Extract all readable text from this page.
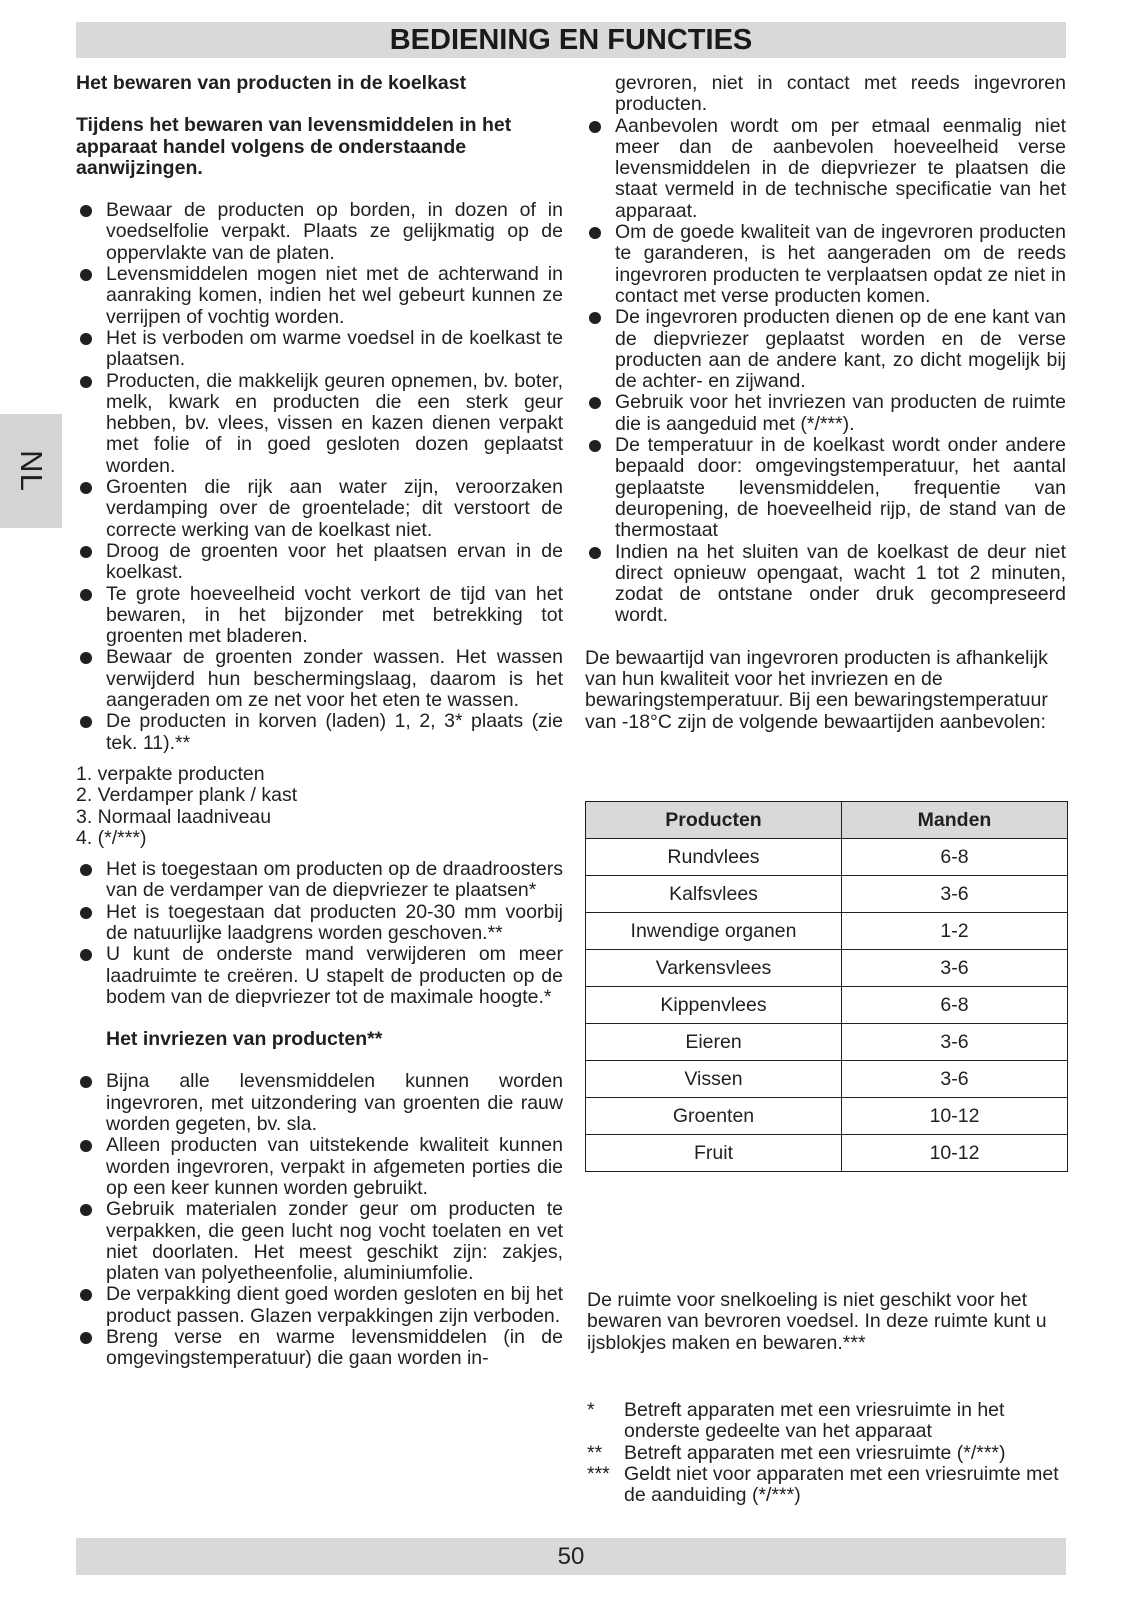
BEDIENING EN FUNCTIES
NL
Het bewaren van producten in de koelkast
Tijdens het bewaren van levensmiddelen in het apparaat handel volgens de onderstaande aanwijzingen.
Bewaar de producten op borden, in dozen of in voedselfolie verpakt. Plaats ze gelijkmatig op de oppervlakte van de platen.
Levensmiddelen mogen niet met de achterwand in aanraking komen, indien het wel gebeurt kunnen ze verrijpen of vochtig worden.
Het is verboden om warme voedsel in de koelkast te plaatsen.
Producten, die makkelijk geuren opnemen, bv. boter, melk, kwark en producten die een sterk geur hebben, bv. vlees, vissen en kazen dienen verpakt met folie of in goed gesloten dozen geplaatst worden.
Groenten die rijk aan water zijn, veroorzaken verdamping over de groentelade; dit verstoort de correcte werking van de koelkast niet.
Droog de groenten voor het plaatsen ervan in de koelkast.
Te grote hoeveelheid vocht verkort de tijd van het bewaren, in het bijzonder met betrekking tot groenten met bladeren.
Bewaar de groenten zonder wassen. Het wassen verwijderd hun beschermingslaag, daarom is het aangeraden om ze net voor het eten te wassen.
De producten in korven (laden) 1, 2, 3* plaats (zie tek. 11).**
1. verpakte producten
2. Verdamper plank / kast
3. Normaal laadniveau
4. (*/***)
Het is toegestaan om producten op de draadroosters van de verdamper van de diepvriezer te plaatsen*
Het is toegestaan dat producten 20-30 mm voorbij de natuurlijke laadgrens worden geschoven.**
U kunt de onderste mand verwijderen om meer laadruimte te creëren. U stapelt de producten op de bodem van de diepvriezer tot de maximale hoogte.*
Het invriezen van producten**
Bijna alle levensmiddelen kunnen worden ingevroren, met uitzondering van groenten die rauw worden gegeten, bv. sla.
Alleen producten van uitstekende kwaliteit kunnen worden ingevroren, verpakt in afgemeten porties die op een keer kunnen worden gebruikt.
Gebruik materialen zonder geur om producten te verpakken, die geen lucht nog vocht toelaten en vet niet doorlaten. Het meest geschikt zijn: zakjes, platen van polyetheenfolie, aluminiumfolie.
De verpakking dient goed worden gesloten en bij het product passen. Glazen verpakkingen zijn verboden.
Breng verse en warme levensmiddelen (in de omgevingstemperatuur) die gaan worden in-
gevroren, niet in contact met reeds ingevroren producten.
Aanbevolen wordt om per etmaal eenmalig niet meer dan de aanbevolen hoeveelheid verse levensmiddelen in de diepvriezer te plaatsen die staat vermeld in de technische specificatie van het apparaat.
Om de goede kwaliteit van de ingevroren producten te garanderen, is het aangeraden om de reeds ingevroren producten te verplaatsen opdat ze niet in contact met verse producten komen.
De ingevroren producten dienen op de ene kant van de diepvriezer geplaatst worden en de verse producten aan de andere kant, zo dicht mogelijk bij de achter- en zijwand.
Gebruik voor het invriezen van producten de ruimte die is aangeduid met (*/***).
De temperatuur in de koelkast wordt onder andere bepaald door: omgevingstemperatuur, het aantal geplaatste levensmiddelen, frequentie van deuropening, de hoeveelheid rijp, de stand van de thermostaat
Indien na het sluiten van de koelkast de deur niet direct opnieuw opengaat, wacht 1 tot 2 minuten, zodat de ontstane onder druk gecompreseerd wordt.
De bewaartijd van ingevroren producten is afhankelijk van hun kwaliteit voor het invriezen en de bewaringstemperatuur. Bij een bewaringstemperatuur van -18°C zijn de volgende bewaartijden aanbevolen:
Producten	Manden
Rundvlees	6-8
Kalfsvlees	3-6
Inwendige organen	1-2
Varkensvlees	3-6
Kippenvlees	6-8
Eieren	3-6
Vissen	3-6
Groenten	10-12
Fruit	10-12
De ruimte voor snelkoeling is niet geschikt voor het bewaren van bevroren voedsel. In deze ruimte kunt u ijsblokjes maken en bewaren.***
*	Betreft apparaten met een vriesruimte in het onderste gedeelte van het apparaat
**	Betreft apparaten met een vriesruimte (*/***)
*** Geldt niet voor apparaten met een vriesruimte met de aanduiding (*/***)
50
